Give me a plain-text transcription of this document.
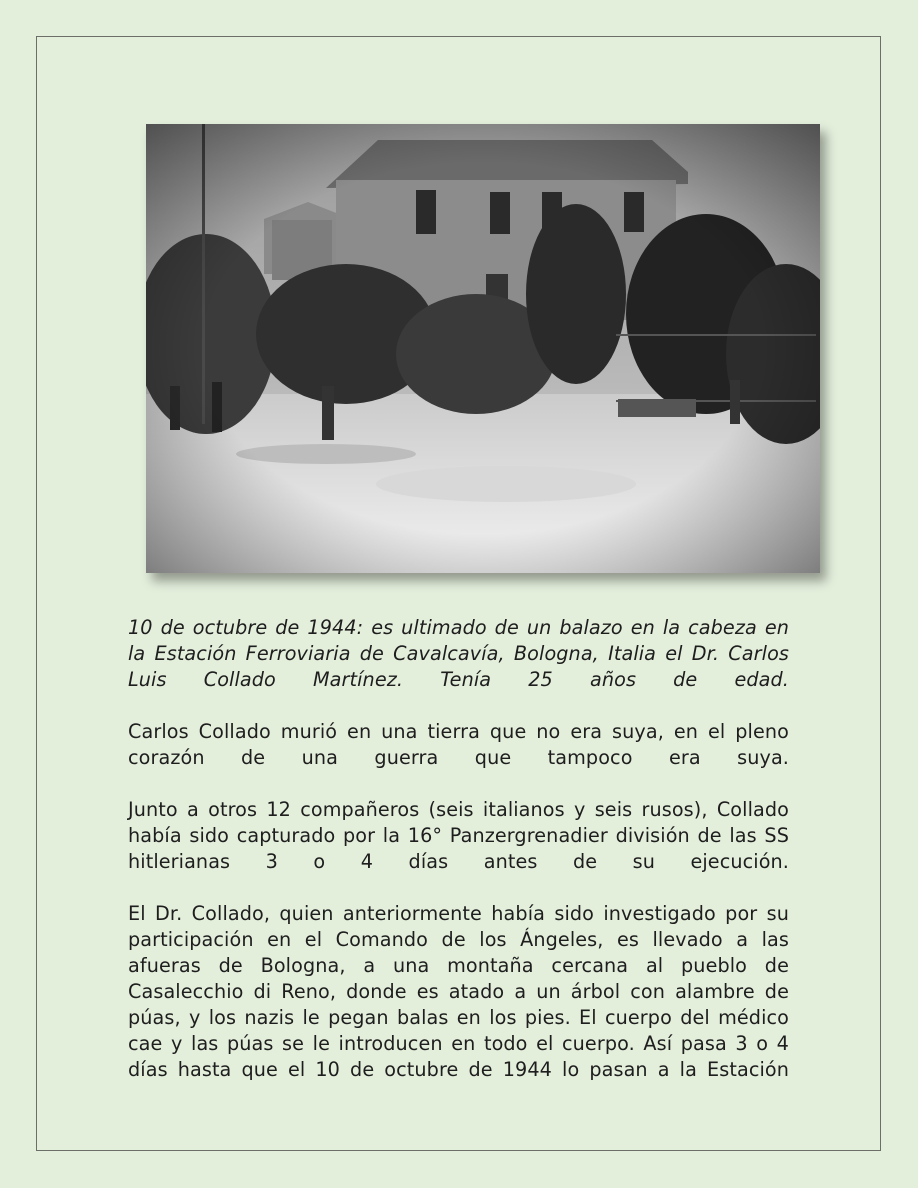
10 de octubre de 1944: es ultimado de un balazo en la cabeza en la Estación Ferroviaria de Cavalcavía, Bologna, Italia el Dr. Carlos Luis Collado Martínez. Tenía 25 años de edad.

Carlos Collado murió en una tierra que no era suya, en el pleno corazón de una guerra que tampoco era suya.

Junto a otros 12 compañeros (seis italianos y seis rusos), Collado había sido capturado por la 16° Panzergrenadier división de las SS hitlerianas 3 o 4 días antes de su ejecución.

El Dr. Collado, quien anteriormente había sido investigado por su participación en el Comando de los Ángeles, es llevado a las afueras de Bologna, a una montaña cercana al pueblo de Casalecchio di Reno, donde es atado a un árbol con alambre de púas, y los nazis le pegan balas en los pies. El cuerpo del médico cae y las púas se le introducen en todo el cuerpo. Así pasa 3 o 4 días hasta que el 10 de octubre de 1944 lo pasan a la Estación
